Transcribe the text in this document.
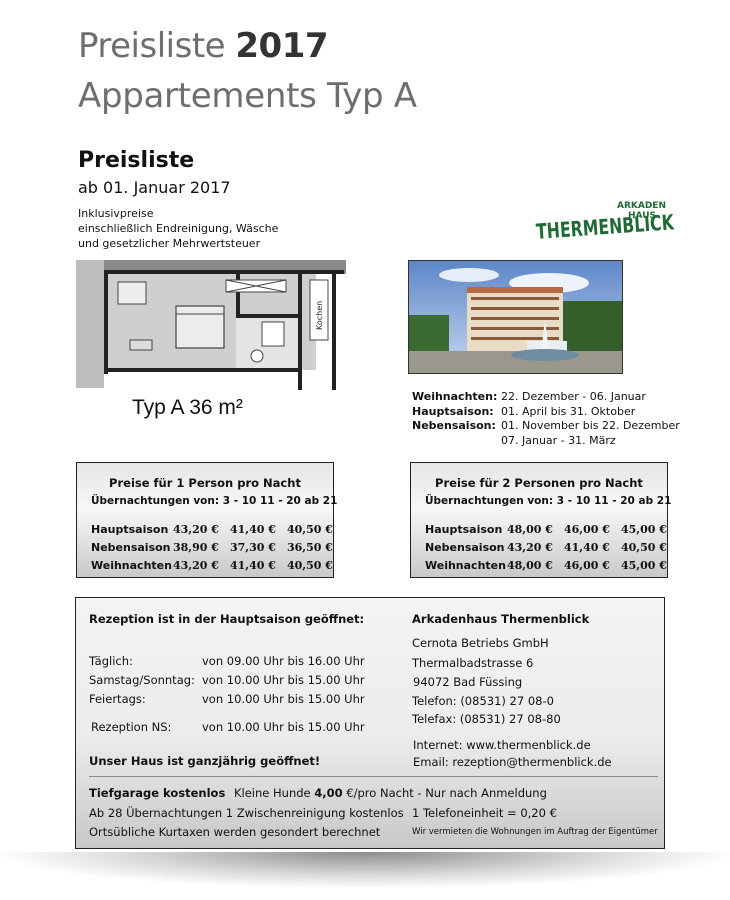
Preisliste 2017
Appartements Typ A
Preisliste
ab 01. Januar 2017
Inklusivpreise
einschließlich Endreinigung, Wäsche
und gesetzlicher Mehrwertsteuer
ARKADEN
HAUS
THERMENBLICK
Kochen
Typ A 36 m²	Weihnachten: 22. Dezember - 06. Januar
Hauptsaison: 01. April bis 31. Oktober
Nebensaison: 01. November bis 22. Dezember
07. Januar - 31. März
Preise für 1 Person pro Nacht
Übernachtungen von: 3 - 10 11 - 20 ab 21
Hauptsaison 43,20 €	41,40 €	40,50 €
Nebensaison 38,90 €	37,30 €	36,50 €
Weihnachten 43,20 €	41,40 €	40,50 €
Preise für 2 Personen pro Nacht
Übernachtungen von: 3 - 10 11 - 20 ab 21
Hauptsaison 48,00 €	46,00 €	45,00 €
Nebensaison 43,20 €	41,40 €	40,50 €
Weihnachten 48,00 €	46,00 €	45,00 €
Rezeption ist in der Hauptsaison geöffnet:
Täglich:	von 09.00 Uhr bis 16.00 Uhr
Samstag/Sonntag: von 10.00 Uhr bis 15.00 Uhr
Feiertags:	von 10.00 Uhr bis 15.00 Uhr
Rezeption NS:	von 10.00 Uhr bis 15.00 Uhr
Unser Haus ist ganzjährig geöffnet!
Arkadenhaus Thermenblick
Cernota Betriebs GmbH
Thermalbadstrasse 6
94072 Bad Füssing
Telefon: (08531) 27 08-0
Telefax: (08531) 27 08-80
Internet: www.thermenblick.de
Email: rezeption@thermenblick.de
Tiefgarage kostenlos Kleine Hunde 4,00 €/pro Nacht - Nur nach Anmeldung
Ab 28 Übernachtungen 1 Zwischenreinigung kostenlos 1 Telefoneinheit = 0,20 €
Ortsübliche Kurtaxen werden gesondert berechnet	Wir vermieten die Wohnungen im Auftrag der Eigentümer
